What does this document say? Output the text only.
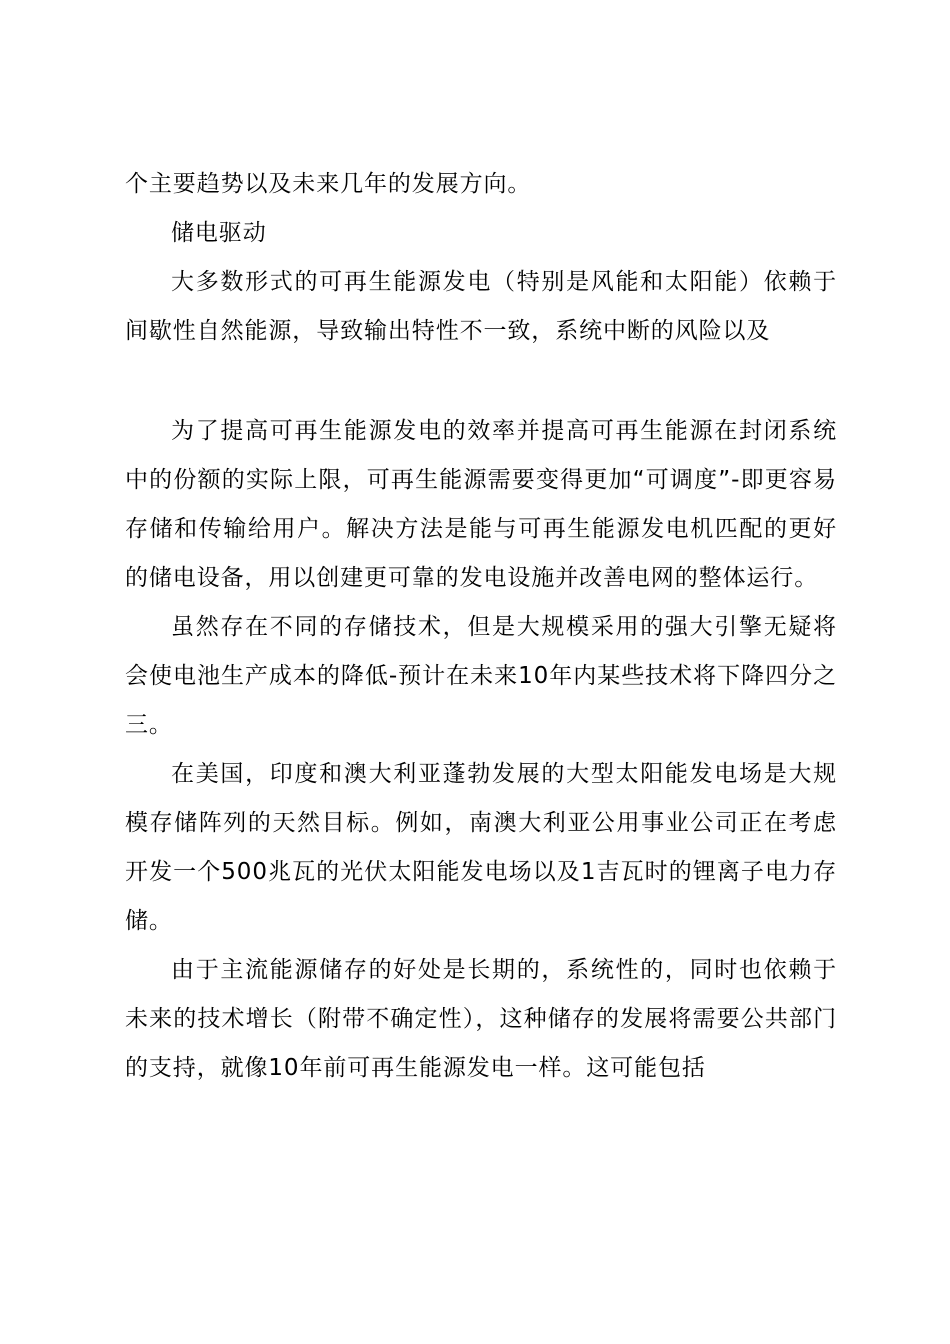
个主要趋势以及未来几年的发展方向。

储电驱动

大多数形式的可再生能源发电（特别是风能和太阳能）依赖于间歇性自然能源，导致输出特性不一致，系统中断的风险以及

为了提高可再生能源发电的效率并提高可再生能源在封闭系统中的份额的实际上限，可再生能源需要变得更加“可调度”-即更容易存储和传输给用户。解决方法是能与可再生能源发电机匹配的更好的储电设备，用以创建更可靠的发电设施并改善电网的整体运行。

虽然存在不同的存储技术，但是大规模采用的强大引擎无疑将会使电池生产成本的降低-预计在未来10年内某些技术将下降四分之三。

在美国，印度和澳大利亚蓬勃发展的大型太阳能发电场是大规模存储阵列的天然目标。例如，南澳大利亚公用事业公司正在考虑开发一个500兆瓦的光伏太阳能发电场以及1吉瓦时的锂离子电力存储。

由于主流能源储存的好处是长期的，系统性的，同时也依赖于未来的技术增长（附带不确定性），这种储存的发展将需要公共部门的支持，就像10年前可再生能源发电一样。这可能包括
